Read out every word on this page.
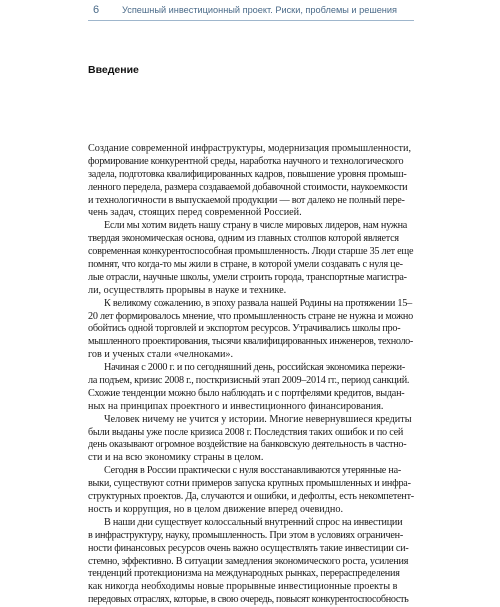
6 Успешный инвестиционный проект. Риски, проблемы и решения
Введение
Создание современной инфраструктуры, модернизация промышленности,
формирование конкурентной среды, наработка научного и технологического
задела, подготовка квалифицированных кадров, повышение уровня промыш-
ленного передела, размера создаваемой добавочной стоимости, наукоемкости
и технологичности в выпускаемой продукции — вот далеко не полный пере-
чень задач, стоящих перед современной Россией.
Если мы хотим видеть нашу страну в числе мировых лидеров, нам нужна
твердая экономическая основа, одним из главных столпов которой является
современная конкурентоспособная промышленность. Люди старше 35 лет еще
помнят, что когда-то мы жили в стране, в которой умели создавать с нуля це-
лые отрасли, научные школы, умели строить города, транспортные магистра-
ли, осуществлять прорывы в науке и технике.
К великому сожалению, в эпоху развала нашей Родины на протяжении 15–
20 лет формировалось мнение, что промышленность стране не нужна и можно
обойтись одной торговлей и экспортом ресурсов. Утрачивались школы про-
мышленного проектирования, тысячи квалифицированных инженеров, техноло-
гов и ученых стали «челноками».
Начиная с 2000 г. и по сегодняшний день, российская экономика пережи-
ла подъем, кризис 2008 г., посткризисный этап 2009–2014 гг., период санкций.
Схожие тенденции можно было наблюдать и с портфелями кредитов, выдан-
ных на принципах проектного и инвестиционного финансирования.
Человек ничему не учится у истории. Многие невернувшиеся кредиты
были выданы уже после кризиса 2008 г. Последствия таких ошибок и по сей
день оказывают огромное воздействие на банковскую деятельность в частно-
сти и на всю экономику страны в целом.
Сегодня в России практически с нуля восстанавливаются утерянные на-
выки, существуют сотни примеров запуска крупных промышленных и инфра-
структурных проектов. Да, случаются и ошибки, и дефолты, есть некомпетент-
ность и коррупция, но в целом движение вперед очевидно.
В наши дни существует колоссальный внутренний спрос на инвестиции
в инфраструктуру, науку, промышленность. При этом в условиях ограничен-
ности финансовых ресурсов очень важно осуществлять такие инвестиции си-
стемно, эффективно. В ситуации замедления экономического роста, усиления
тенденций протекционизма на международных рынках, перераспределения
как никогда необходимы новые прорывные инвестиционные проекты в
передовых отраслях, которые, в свою очередь, повысят конкурентоспособность
